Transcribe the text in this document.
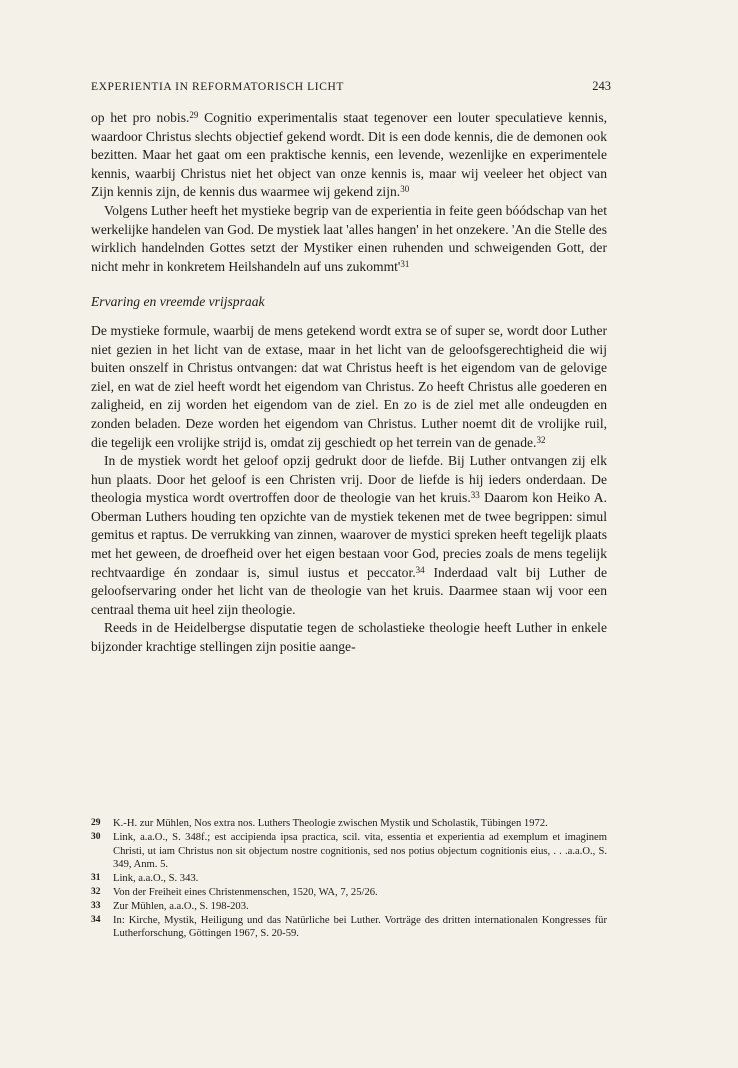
EXPERIENTIA IN REFORMATORISCH LICHT	243

op het pro nobis.$^{29}$ Cognitio experimentalis staat tegenover een louter speculatieve kennis, waardoor Christus slechts objectief gekend wordt. Dit is een dode kennis, die de demonen ook bezitten. Maar het gaat om een praktische kennis, een levende, wezenlijke en experimentele kennis, waarbij Christus niet het object van onze kennis is, maar wij veeleer het object van Zijn kennis zijn, de kennis dus waarmee wij gekend zijn.$^{30}$

Volgens Luther heeft het mystieke begrip van de experientia in feite geen bóódschap van het werkelijke handelen van God. De mystiek laat 'alles hangen' in het onzekere. 'An die Stelle des wirklich handelnden Gottes setzt der Mystiker einen ruhenden und schweigenden Gott, der nicht mehr in konkretem Heilshandeln auf uns $zukommt'^{31}$

Ervaring en vreemde vrijspraak

De mystieke formule, waarbij de mens getekend wordt extra se of super se, wordt door Luther niet gezien in het licht van de extase, maar in het licht van de geloofsgerechtigheid die wij buiten onszelf in Christus ontvangen: dat wat Christus heeft is het eigendom van de gelovige ziel, en wat de ziel heeft wordt het eigendom van Christus. Zo heeft Christus alle goederen en zaligheid, en zij worden het eigendom van de ziel. En zo is de ziel met alle ondeugden en zonden beladen. Deze worden het eigendom van Christus. Luther noemt dit de vrolijke ruil, die tegelijk een vrolijke strijd is, omdat zij geschiedt op het terrein van de genade.$^{32}$

In de mystiek wordt het geloof opzij gedrukt door de liefde. Bij Luther ontvangen zij elk hun plaats. Door het geloof is een Christen vrij. Door de liefde is hij ieders onderdaan. De theologia mystica wordt overtroffen door de theologie van het kruis.$^{33}$ Daarom kon Heiko A. Oberman Luthers houding ten opzichte van de mystiek tekenen met de twee begrippen: simul gemitus et raptus. De verrukking van zinnen, waarover de mystici spreken heeft tegelijk plaats met het geween, de droefheid over het eigen bestaan voor God, precies zoals de mens tegelijk rechtvaardige én zondaar is, simul iustus et peccator.$^{34}$ Inderdaad valt bij Luther de geloofservaring onder het licht van de theologie van het kruis. Daarmee staan wij voor een centraal thema uit heel zijn theologie.

Reeds in de Heidelbergse disputatie tegen de scholastieke theologie heeft Luther in enkele bijzonder krachtige stellingen zijn positie aange-

29	K.-H. zur Mühlen, Nos extra nos. Luthers Theologie zwischen Mystik und Scholastik, Tübingen 1972.
30	Link, a.a.O., S. 348f.; est accipienda ipsa practica, scil. vita, essentia et experientia ad exemplum et imaginem Christi, ut iam Christus non sit objectum nostre cognitionis, sed nos potius objectum cognitionis eius, . . .a.a.O., S. 349, Anm. 5.
31	Link, a.a.O., S. 343.
32	Von der Freiheit eines Christenmenschen, 1520, WA, 7, 25/26.
33	Zur Mühlen, a.a.O., S. 198-203.
34	In: Kirche, Mystik, Heiligung und das Natürliche bei Luther. Vorträge des dritten internationalen Kongresses für Lutherforschung, Göttingen 1967, S. 20-59.
